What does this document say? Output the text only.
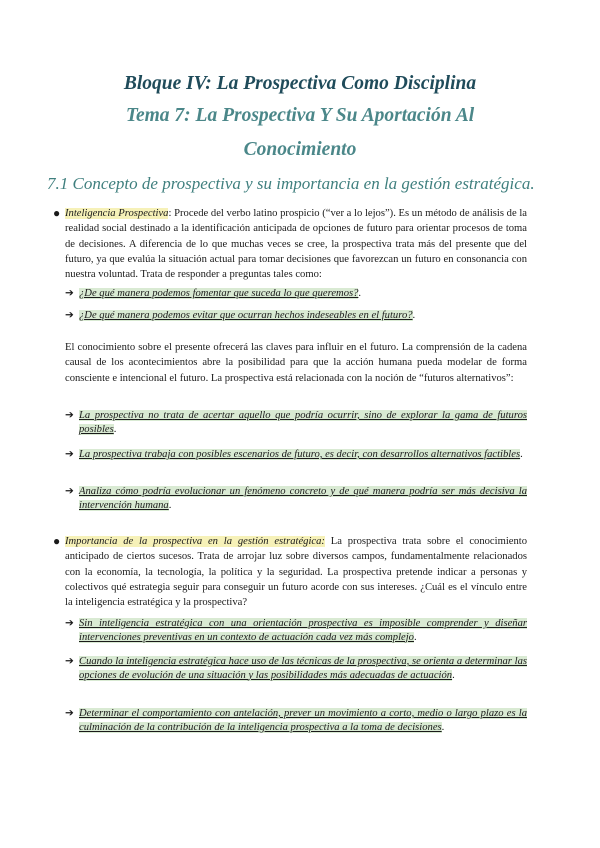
Bloque IV: La Prospectiva Como Disciplina
Tema 7: La Prospectiva Y Su Aportación Al
Conocimiento
7.1 Concepto de prospectiva y su importancia en la gestión estratégica.
● Inteligencia Prospectiva: Procede del verbo latino prospicio (“ver a lo lejos”). Es un método de análisis de la realidad social destinado a la identificación anticipada de opciones de futuro para orientar procesos de toma de decisiones. A diferencia de lo que muchas veces se cree, la prospectiva trata más del presente que del futuro, ya que evalúa la situación actual para tomar decisiones que favorezcan un futuro en consonancia con nuestra voluntad. Trata de responder a preguntas tales como:
➔ ¿De qué manera podemos fomentar que suceda lo que queremos?.
➔ ¿De qué manera podemos evitar que ocurran hechos indeseables en el futuro?.
El conocimiento sobre el presente ofrecerá las claves para influir en el futuro. La comprensión de la cadena causal de los acontecimientos abre la posibilidad para que la acción humana pueda modelar de forma consciente e intencional el futuro. La prospectiva está relacionada con la noción de “futuros alternativos”:
➔ La prospectiva no trata de acertar aquello que podría ocurrir, sino de explorar la gama de futuros posibles.
➔ La prospectiva trabaja con posibles escenarios de futuro, es decir, con desarrollos alternativos factibles.
➔ Analiza cómo podría evolucionar un fenómeno concreto y de qué manera podría ser más decisiva la intervención humana.
● Importancia de la prospectiva en la gestión estratégica: La prospectiva trata sobre el conocimiento anticipado de ciertos sucesos. Trata de arrojar luz sobre diversos campos, fundamentalmente relacionados con la economía, la tecnología, la política y la seguridad. La prospectiva pretende indicar a personas y colectivos qué estrategia seguir para conseguir un futuro acorde con sus intereses. ¿Cuál es el vínculo entre la inteligencia estratégica y la prospectiva?
➔ Sin inteligencia estratégica con una orientación prospectiva es imposible comprender y diseñar intervenciones preventivas en un contexto de actuación cada vez más complejo.
➔ Cuando la inteligencia estratégica hace uso de las técnicas de la prospectiva, se orienta a determinar las opciones de evolución de una situación y las posibilidades más adecuadas de actuación.
➔ Determinar el comportamiento con antelación, prever un movimiento a corto, medio o largo plazo es la culminación de la contribución de la inteligencia prospectiva a la toma de decisiones.
